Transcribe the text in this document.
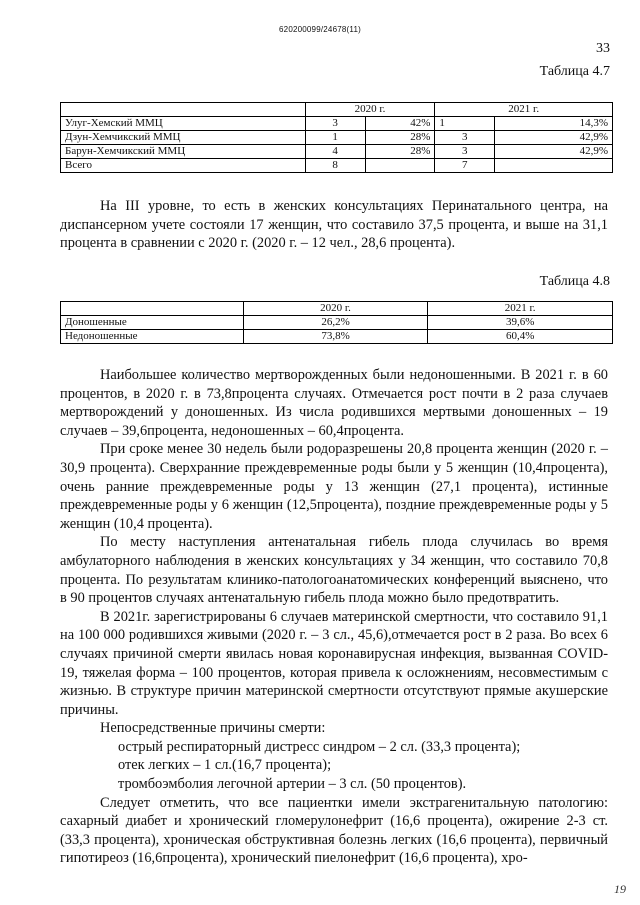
620200099/24678(11)
33
Таблица 4.7
	2020 г.		2021 г.	
Улуг-Хемский ММЦ	3	42%	1	14,3%
Дзун-Хемчикский ММЦ	1	28%	3	42,9%
Барун-Хемчикский ММЦ	4	28%	3	42,9%
Всего	8		7	

На III уровне, то есть в женских консультациях Перинатального центра, на диспансерном учете состояли 17 женщин, что составило 37,5 процента, и выше на 31,1 процента в сравнении с 2020 г. (2020 г. – 12 чел., 28,6 процента).

Таблица 4.8
	2020 г.	2021 г.
Доношенные	26,2%	39,6%
Недоношенные	73,8%	60,4%

Наибольшее количество мертворожденных были недоношенными. В 2021 г. в 60 процентов, в 2020 г. в 73,8процента случаях. Отмечается рост почти в 2 раза случаев мертворождений у доношенных. Из числа родившихся мертвыми доношенных – 19 случаев – 39,6процента, недоношенных – 60,4процента.

При сроке менее 30 недель были родоразрешены 20,8 процента женщин (2020 г. – 30,9 процента). Сверхранние преждевременные роды были у 5 женщин (10,4процента), очень ранние преждевременные роды у 13 женщин (27,1 процента), истинные преждевременные роды у 6 женщин (12,5процента), поздние преждевременные роды у 5 женщин (10,4 процента).

По месту наступления антенатальная гибель плода случилась во время амбулаторного наблюдения в женских консультациях у 34 женщин, что составило 70,8 процента. По результатам клинико-патологоанатомических конференций выяснено, что в 90 процентов случаях антенатальную гибель плода можно было предотвратить.

В 2021г. зарегистрированы 6 случаев материнской смертности, что составило 91,1 на 100 000 родившихся живыми (2020 г. – 3 сл., 45,6),отмечается рост в 2 раза. Во всех 6 случаях причиной смерти явилась новая коронавирусная инфекция, вызванная COVID-19, тяжелая форма – 100 процентов, которая привела к осложнениям, несовместимым с жизнью. В структуре причин материнской смертности отсутствуют прямые акушерские причины.

Непосредственные причины смерти:

острый респираторный дистресс синдром – 2 сл. (33,3 процента);

отек легких – 1 сл.(16,7 процента);

тромбоэмболия легочной артерии – 3 сл. (50 процентов).

Следует отметить, что все пациентки имели экстрагенитальную патологию: сахарный диабет и хронический гломерулонефрит (16,6 процента), ожирение 2-3 ст. (33,3 процента), хроническая обструктивная болезнь легких (16,6 процента), первичный гипотиреоз (16,6процента), хронический пиелонефрит (16,6 процента), хро-

19
